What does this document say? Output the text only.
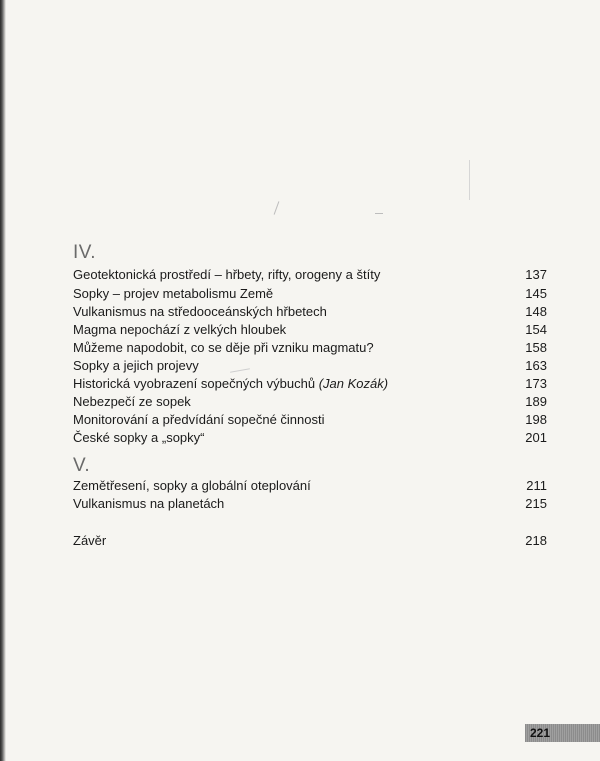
IV.
Geotektonická prostředí – hřbety, rifty, orogeny a štíty	137
Sopky – projev metabolismu Země	145
Vulkanismus na středooceánských hřbetech	148
Magma nepochází z velkých hloubek	154
Můžeme napodobit, co se děje při vzniku magmatu?	158
Sopky a jejich projevy	163
Historická vyobrazení sopečných výbuchů (Jan Kozák)	173
Nebezpečí ze sopek	189
Monitorování a předvídání sopečné činnosti	198
České sopky a „sopky“	201
V.
Zemětřesení, sopky a globální oteplování	211
Vulkanismus na planetách	215
Závěr	218
221
